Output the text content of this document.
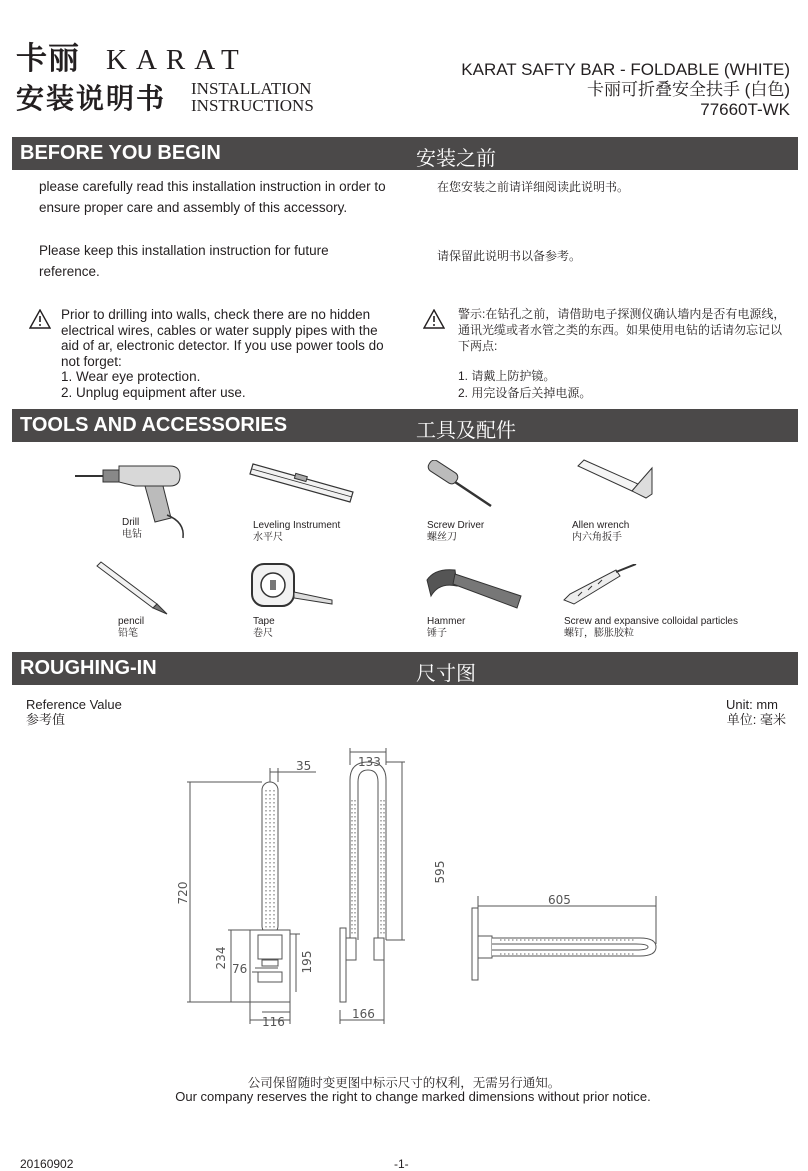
卡丽 KARAT
安装说明书 INSTALLATION
INSTRUCTIONS
KARAT SAFTY BAR - FOLDABLE (WHITE)
卡丽可折叠安全扶手 (白色)
77660T-WK
BEFORE YOU BEGIN	安装之前
please carefully read this installation instruction in order to ensure proper care and assembly of this accessory.
在您安装之前请详细阅读此说明书。
Please keep this installation instruction for future reference.
请保留此说明书以备参考。
Prior to drilling into walls, check there are no hidden electrical wires, cables or water supply pipes with the aid of ar, electronic detector. If you use power tools do not forget:
1. Wear eye protection.
2. Unplug equipment after use.
警示:在钻孔之前，请借助电子探测仪确认墙内是否有电源线，通讯光缆或者水管之类的东西。如果使用电钻的话请勿忘记以下两点:
1. 请戴上防护镜。
2. 用完设备后关掉电源。
TOOLS AND ACCESSORIES	工具及配件
Drill
电钻
Leveling Instrument
水平尺
Screw Driver
螺丝刀
Allen wrench
内六角扳手
pencil
铅笔
Tape
卷尺
Hammer
锤子
Screw and expansive colloidal particles
螺钉，膨胀胶粒
ROUGHING-IN	尺寸图
Reference Value
参考值
Unit: mm
单位: 毫米
35
720
234 76	195
116
133
595
166
605
公司保留随时变更图中标示尺寸的权利，无需另行通知。
Our company reserves the right to change marked dimensions without prior notice.
20160902	-1-
